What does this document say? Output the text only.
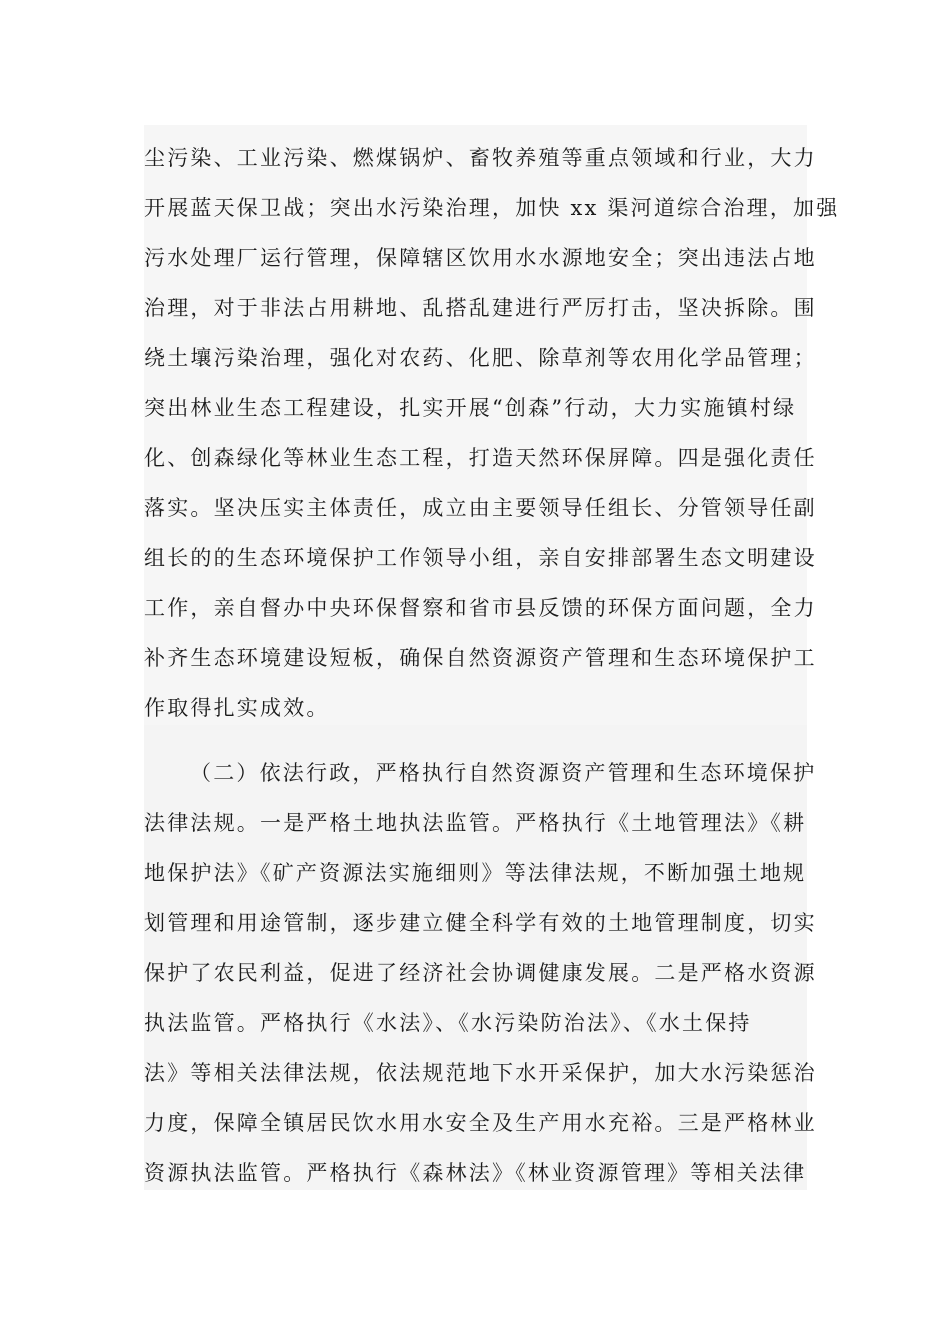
尘污染、工业污染、燃煤锅炉、畜牧养殖等重点领域和行业，大力
开展蓝天保卫战；突出水污染治理，加快 xx 渠河道综合治理，加强
污水处理厂运行管理，保障辖区饮用水水源地安全；突出违法占地
治理，对于非法占用耕地、乱搭乱建进行严厉打击，坚决拆除。围
绕土壤污染治理，强化对农药、化肥、除草剂等农用化学品管理；
突出林业生态工程建设，扎实开展“创森”行动，大力实施镇村绿
化、创森绿化等林业生态工程，打造天然环保屏障。四是强化责任
落实。坚决压实主体责任，成立由主要领导任组长、分管领导任副
组长的的生态环境保护工作领导小组，亲自安排部署生态文明建设
工作，亲自督办中央环保督察和省市县反馈的环保方面问题，全力
补齐生态环境建设短板，确保自然资源资产管理和生态环境保护工
作取得扎实成效。
（二）依法行政，严格执行自然资源资产管理和生态环境保护
法律法规。一是严格土地执法监管。严格执行《土地管理法》《耕
地保护法》《矿产资源法实施细则》等法律法规，不断加强土地规
划管理和用途管制，逐步建立健全科学有效的土地管理制度，切实
保护了农民利益，促进了经济社会协调健康发展。二是严格水资源
执法监管。严格执行《水法》、《水污染防治法》、《水土保持
法》等相关法律法规，依法规范地下水开采保护，加大水污染惩治
力度，保障全镇居民饮水用水安全及生产用水充裕。三是严格林业
资源执法监管。严格执行《森林法》《林业资源管理》等相关法律
